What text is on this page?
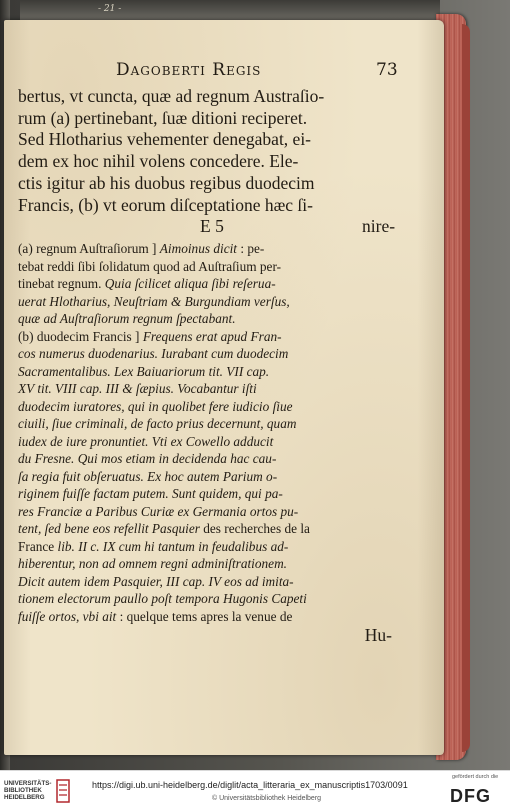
- 21 -
Dagoberti Regis	73
bertus, vt cuncta, quæ ad regnum Austraſio-
rum (a) pertinebant, ſuæ ditioni reciperet.
Sed Hlotharius vehementer denegabat, ei-
dem ex hoc nihil volens concedere. Ele-
ctis igitur ab his duobus regibus duodecim
Francis, (b) vt eorum diſceptatione hæc ſi-
E 5	nire-
(a) regnum Auſtraſiorum ] Aimoinus dicit : pe-
tebat reddi ſibi ſolidatum quod ad Auſtraſium per-
tinebat regnum. Quia ſcilicet aliqua ſibi reſerua-
uerat Hlotharius, Neuſtriam & Burgundiam verſus,
quæ ad Auſtraſiorum regnum ſpectabant.
(b) duodecim Francis ] Frequens erat apud Fran-
cos numerus duodenarius. Iurabant cum duodecim
Sacramentalibus. Lex Baiuariorum tit. VII cap.
XV tit. VIII cap. III & ſæpius. Vocabantur iſti
duodecim iuratores, qui in quolibet fere iudicio ſiue
ciuili, ſiue criminali, de facto prius decernunt, quam
iudex de iure pronuntiet. Vti ex Cowello adducit
du Fresne. Qui mos etiam in decidenda hac cau-
ſa regia fuit obſeruatus. Ex hoc autem Parium o-
riginem fuiſſe factam putem. Sunt quidem, qui pa-
res Franciæ a Paribus Curiæ ex Germania ortos pu-
tent, ſed bene eos refellit Pasquier des recherches de la
France lib. II c. IX cum hi tantum in feudalibus ad-
hiberentur, non ad omnem regni adminiſtrationem.
Dicit autem idem Pasquier, III cap. IV eos ad imita-
tionem electorum paullo poſt tempora Hugonis Capeti
fuiſſe ortos, vbi ait : quelque tems apres la venue de
Hu-
UNIVERSITÄTS-
BIBLIOTHEK
HEIDELBERG
https://digi.ub.uni-heidelberg.de/diglit/acta_litteraria_ex_manuscriptis1703/0091
© Universitätsbibliothek Heidelberg
gefördert durch die
DFG
